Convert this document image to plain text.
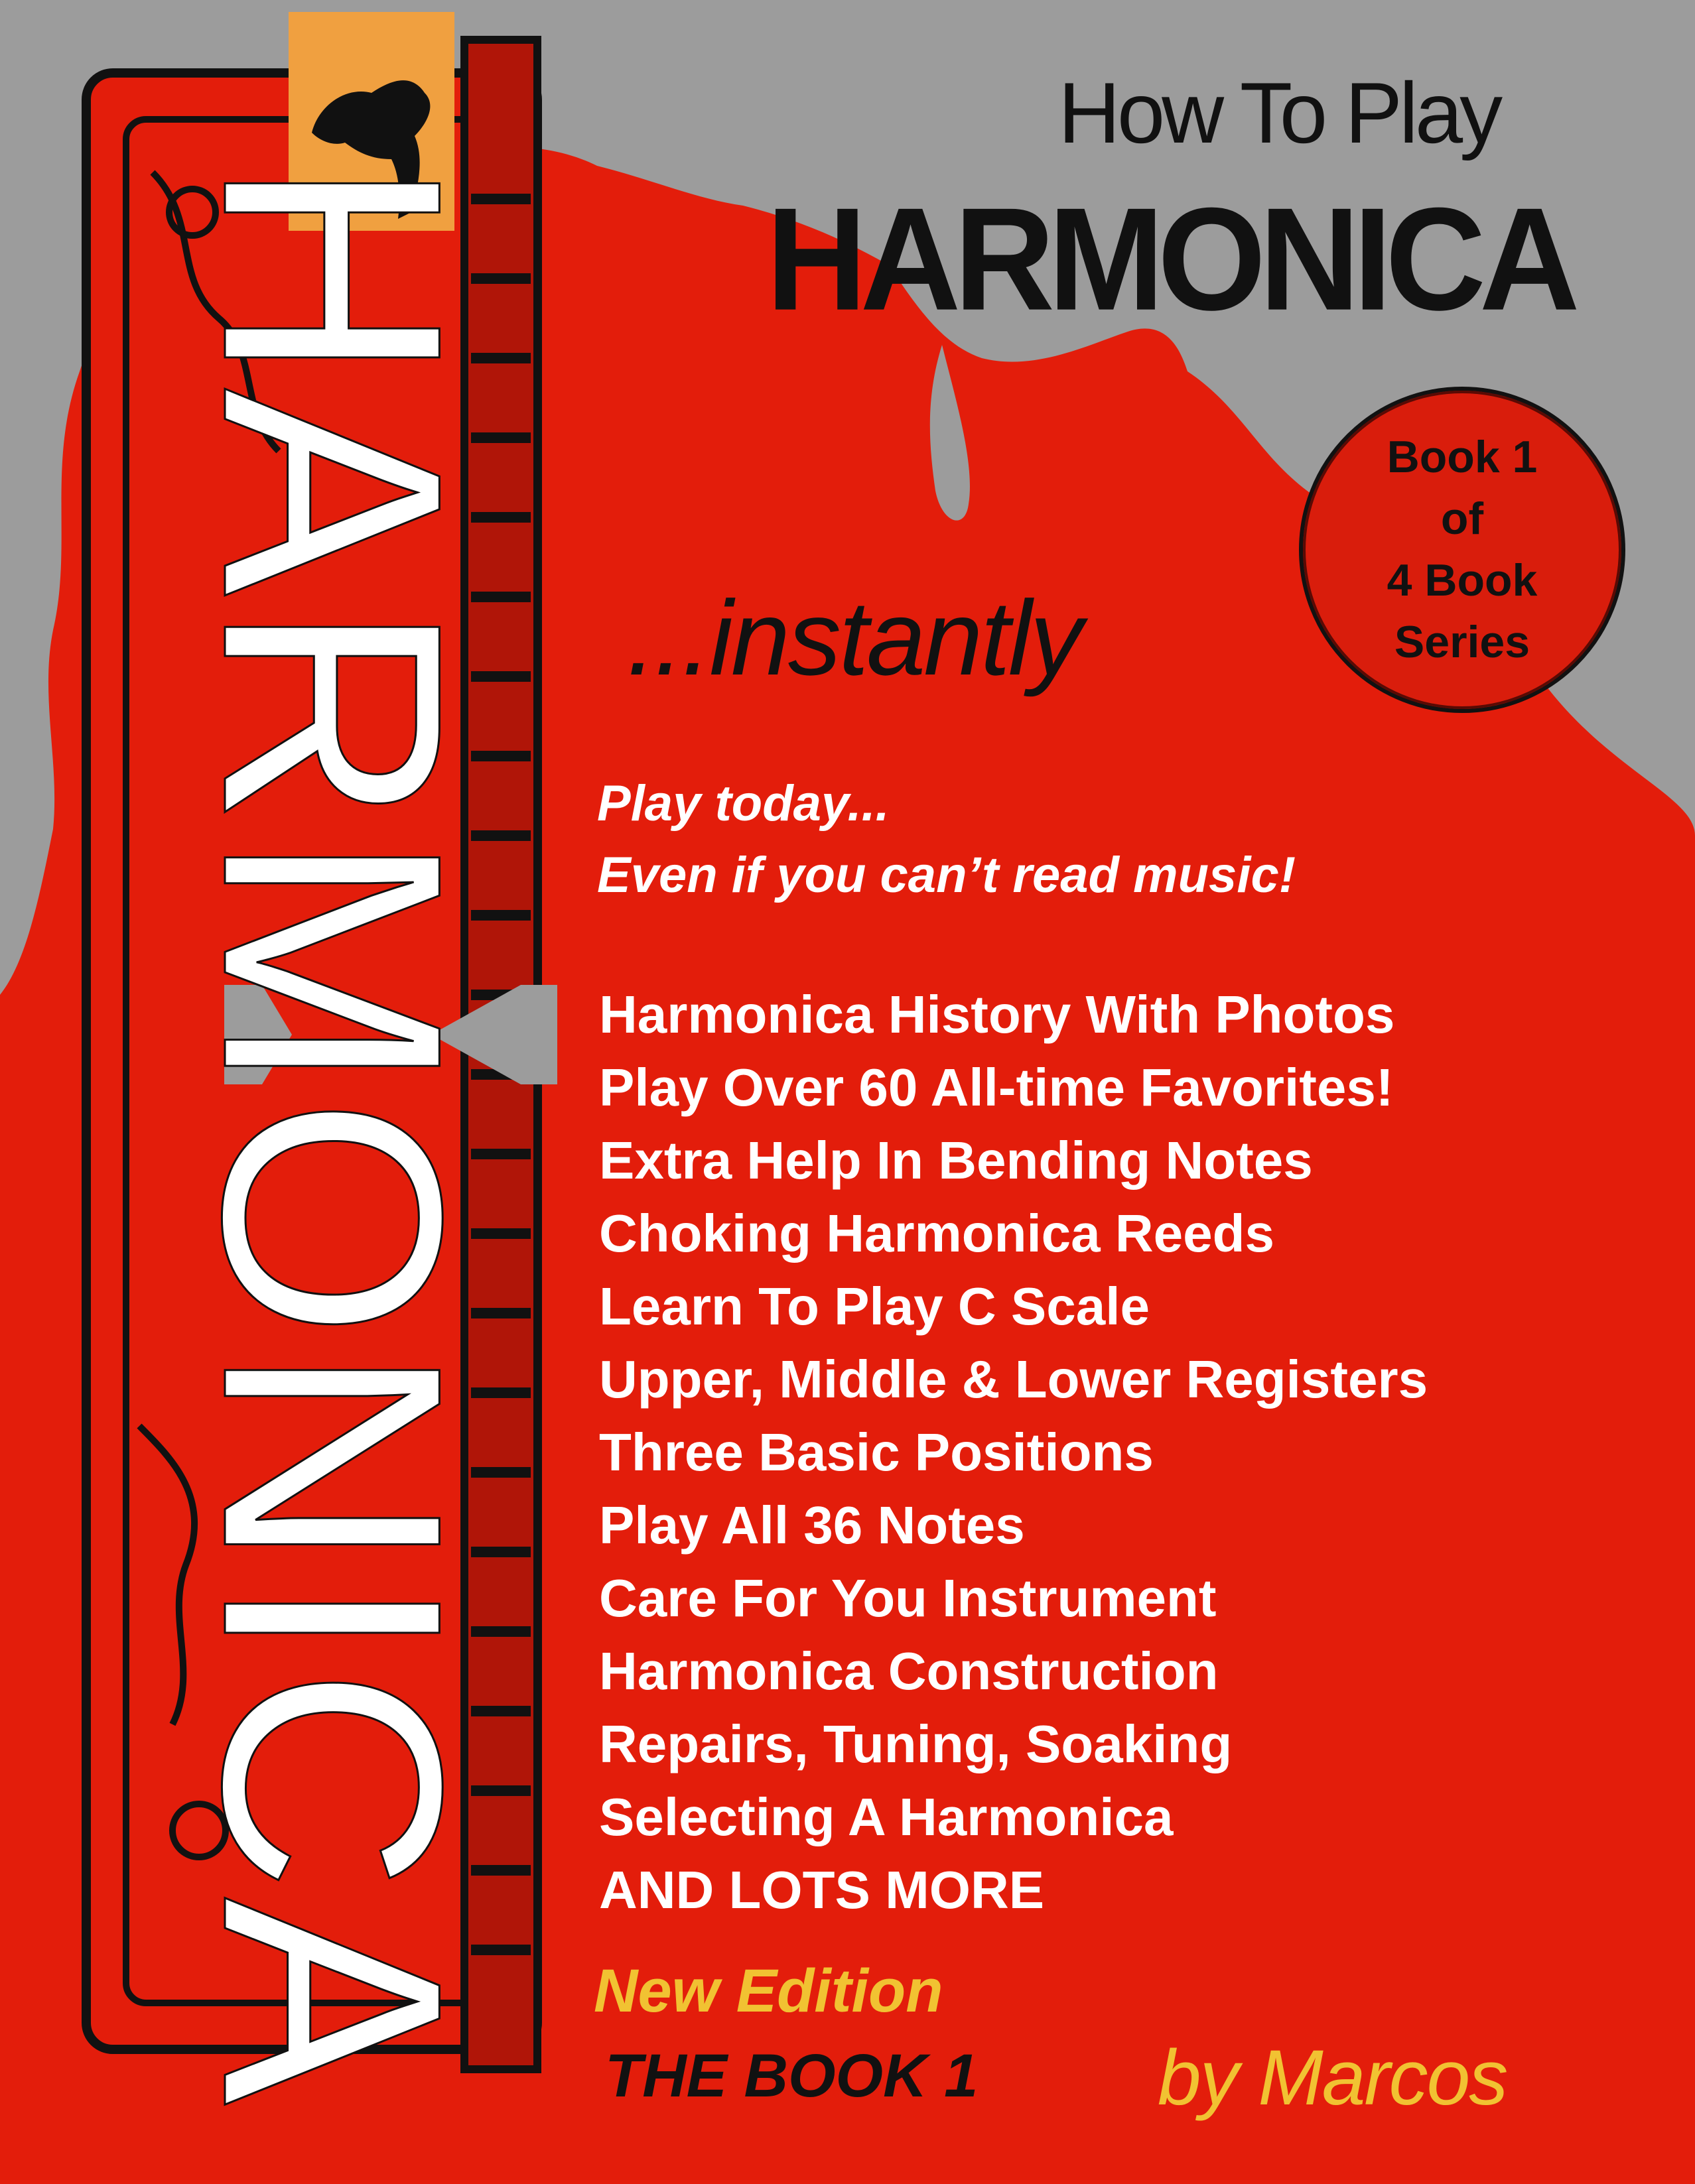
HARMONICA
How To Play
HARMONICA
Book 1
of
4 Book
Series
...instantly
Play today...
Even if you can’t read music!
Harmonica History With Photos
Play Over 60 All-time Favorites!
Extra Help In Bending Notes
Choking Harmonica Reeds
Learn To Play C Scale
Upper, Middle & Lower Registers
Three Basic Positions
Play All 36 Notes
Care For You Instrument
Harmonica Construction
Repairs, Tuning, Soaking
Selecting A Harmonica
AND LOTS MORE
New Edition
THE BOOK 1 by Marcos
